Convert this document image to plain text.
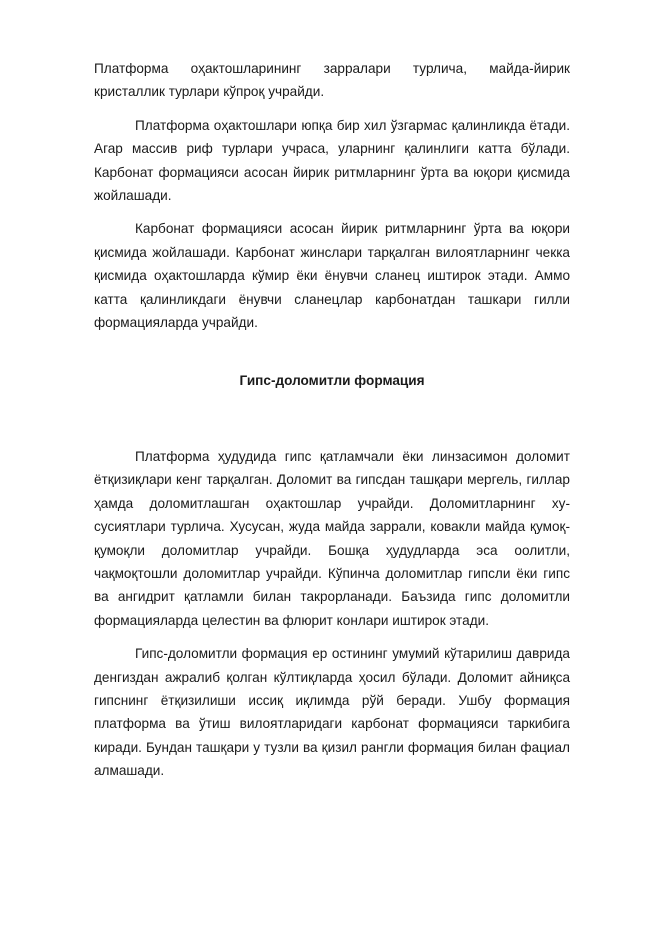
Платформа оҳактошларининг зарралари турлича, майда-йирик кристаллик турлари кўпроқ учрайди.

Платформа оҳактошлари юпқа бир хил ўзгармас қалинликда ётади. Агар массив риф турлари учраса, уларнинг қалинлиги катта бўлади. Карбонат формацияси асосан йирик ритмларнинг ўрта ва юқори қисмида жойлашади.

Карбонат формацияси асосан йирик ритмларнинг ўрта ва юқори қисмида жойлашади. Карбонат жинслари тарқалган вилоятларнинг чекка қисмида оҳактошларда кўмир ёки ёнувчи сланец иштирок этади. Аммо катта қалинликдаги ёнувчи сланецлар карбонатдан ташкари гилли формацияларда учрайди.

Гипс-доломитли формация

Платформа ҳудудида гипс қатламчали ёки линзасимон доломит ётқизиқлари кенг тарқалган. Доломит ва гипсдан ташқари мергель, гиллар ҳамда доломитлашган оҳактошлар учрайди. Доломитларнинг ху-сусиятлари турлича. Хусусан, жуда майда заррали, ковакли майда қумоқ-қумоқли доломитлар учрайди. Бошқа ҳудудларда эса оолитли, чақмоқтошли доломитлар учрайди. Кўпинча доломитлар гипсли ёки гипс ва ангидрит қатламли билан такрорланади. Баъзида гипс доломитли формацияларда целестин ва флюрит конлари иштирок этади.

Гипс-доломитли формация ер остининг умумий кўтарилиш даврида денгиздан ажралиб қолган кўлтиқларда ҳосил бўлади. Доломит айниқса гипснинг ётқизилиши иссиқ иқлимда рўй беради. Ушбу формация платформа ва ўтиш вилоятларидаги карбонат формацияси таркибига киради. Бундан ташқари у тузли ва қизил рангли формация билан фациал алмашади.
